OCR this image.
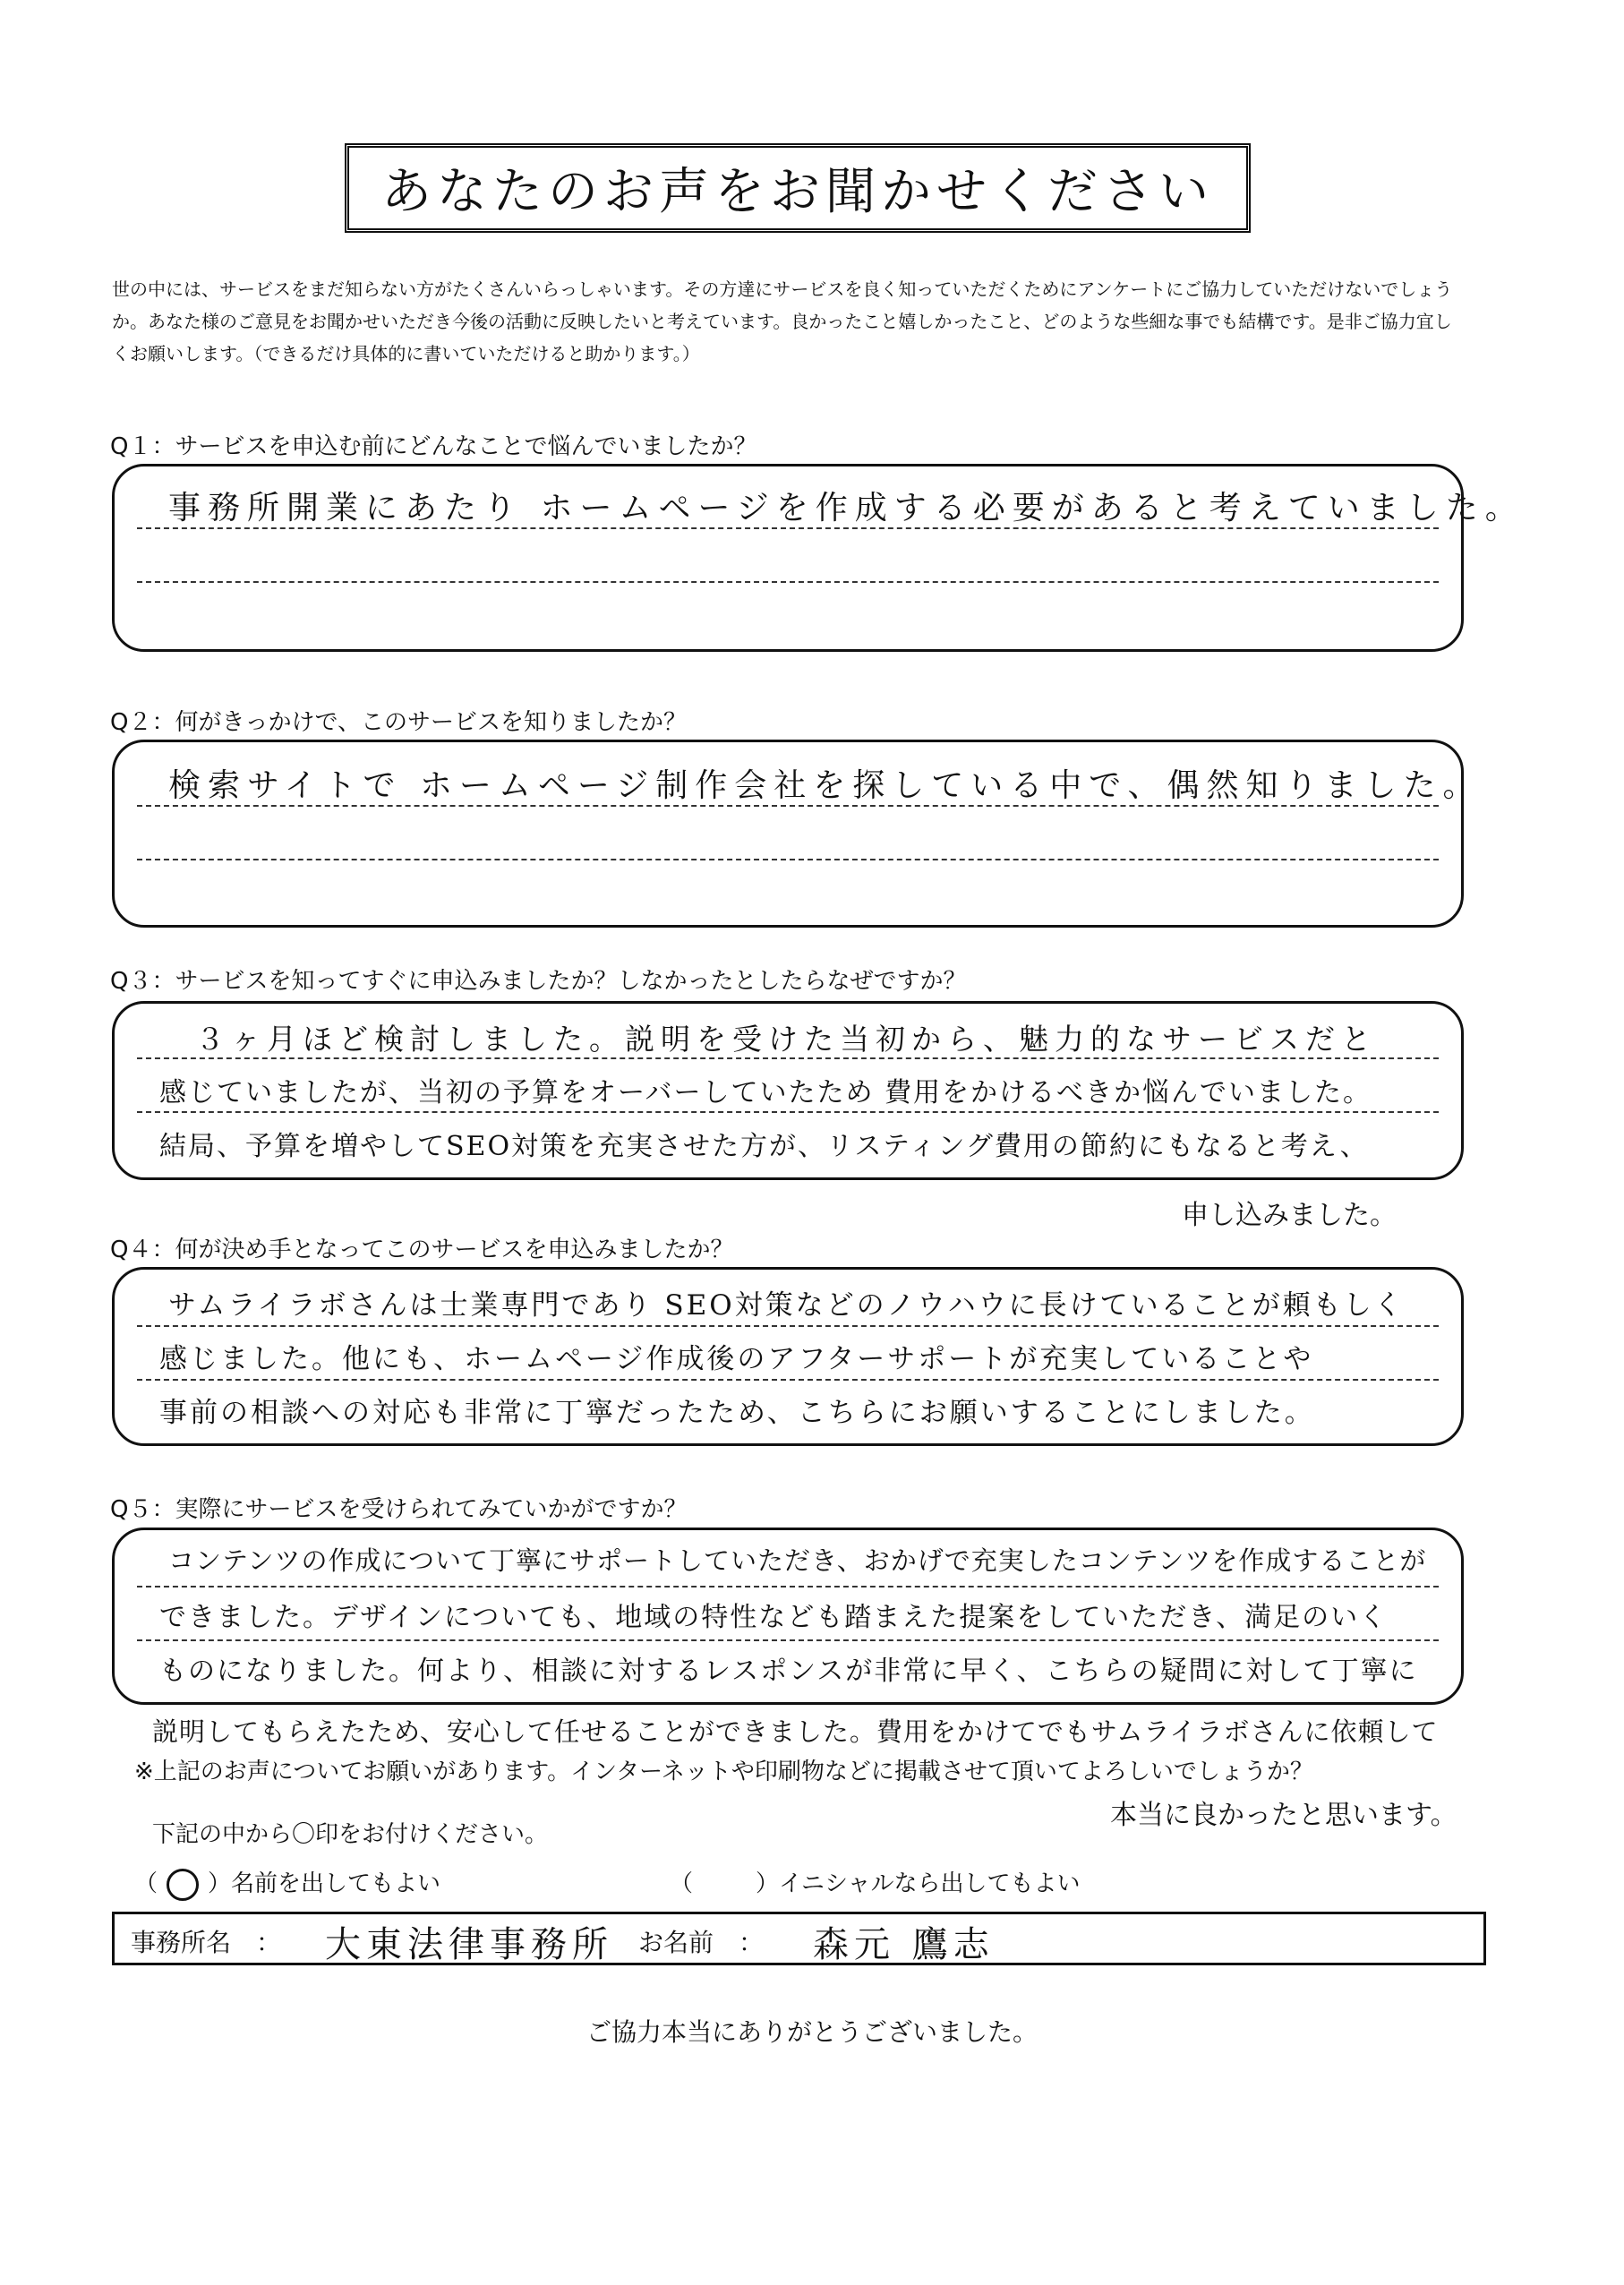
あなたのお声をお聞かせください
世の中には、サービスをまだ知らない方がたくさんいらっしゃいます。その方達にサービスを良く知っていただくためにアンケートにご協力していただけないでしょう
か。あなた様のご意見をお聞かせいただき今後の活動に反映したいと考えています。良かったこと嬉しかったこと、どのような些細な事でも結構です。是非ご協力宜し
くお願いします。（できるだけ具体的に書いていただけると助かります。）
Q１：サービスを申込む前にどんなことで悩んでいましたか？
事務所開業にあたり ホームページを作成する必要があると考えていました。
Q２：何がきっかけで、このサービスを知りましたか？
検索サイトで ホームページ制作会社を探している中で、偶然知りました。
Q３：サービスを知ってすぐに申込みましたか？しなかったとしたらなぜですか？
３ヶ月ほど検討しました。説明を受けた当初から、魅力的なサービスだと
感じていましたが、当初の予算をオーバーしていたため 費用をかけるべきか悩んでいました。
結局、予算を増やしてSEO対策を充実させた方が、リスティング費用の節約にもなると考え、
申し込みました。
Q４：何が決め手となってこのサービスを申込みましたか？
サムライラボさんは士業専門であり SEO対策などのノウハウに長けていることが頼もしく
感じました。他にも、ホームページ作成後のアフターサポートが充実していることや
事前の相談への対応も非常に丁寧だったため、こちらにお願いすることにしました。
Q５：実際にサービスを受けられてみていかがですか？
コンテンツの作成について丁寧にサポートしていただき、おかげで充実したコンテンツを作成することが
できました。デザインについても、地域の特性なども踏まえた提案をしていただき、満足のいく
ものになりました。何より、相談に対するレスポンスが非常に早く、こちらの疑問に対して丁寧に
説明してもらえたため、安心して任せることができました。費用をかけてでもサムライラボさんに依頼して
本当に良かったと思います。
※上記のお声についてお願いがあります。インターネットや印刷物などに掲載させて頂いてよろしいでしょうか？
下記の中から〇印をお付けください。
（ ）名前を出してもよい	（	）イニシャルなら出してもよい
事務所名　： 大東法律事務所 お名前　： 森元 鷹志
ご協力本当にありがとうございました。
